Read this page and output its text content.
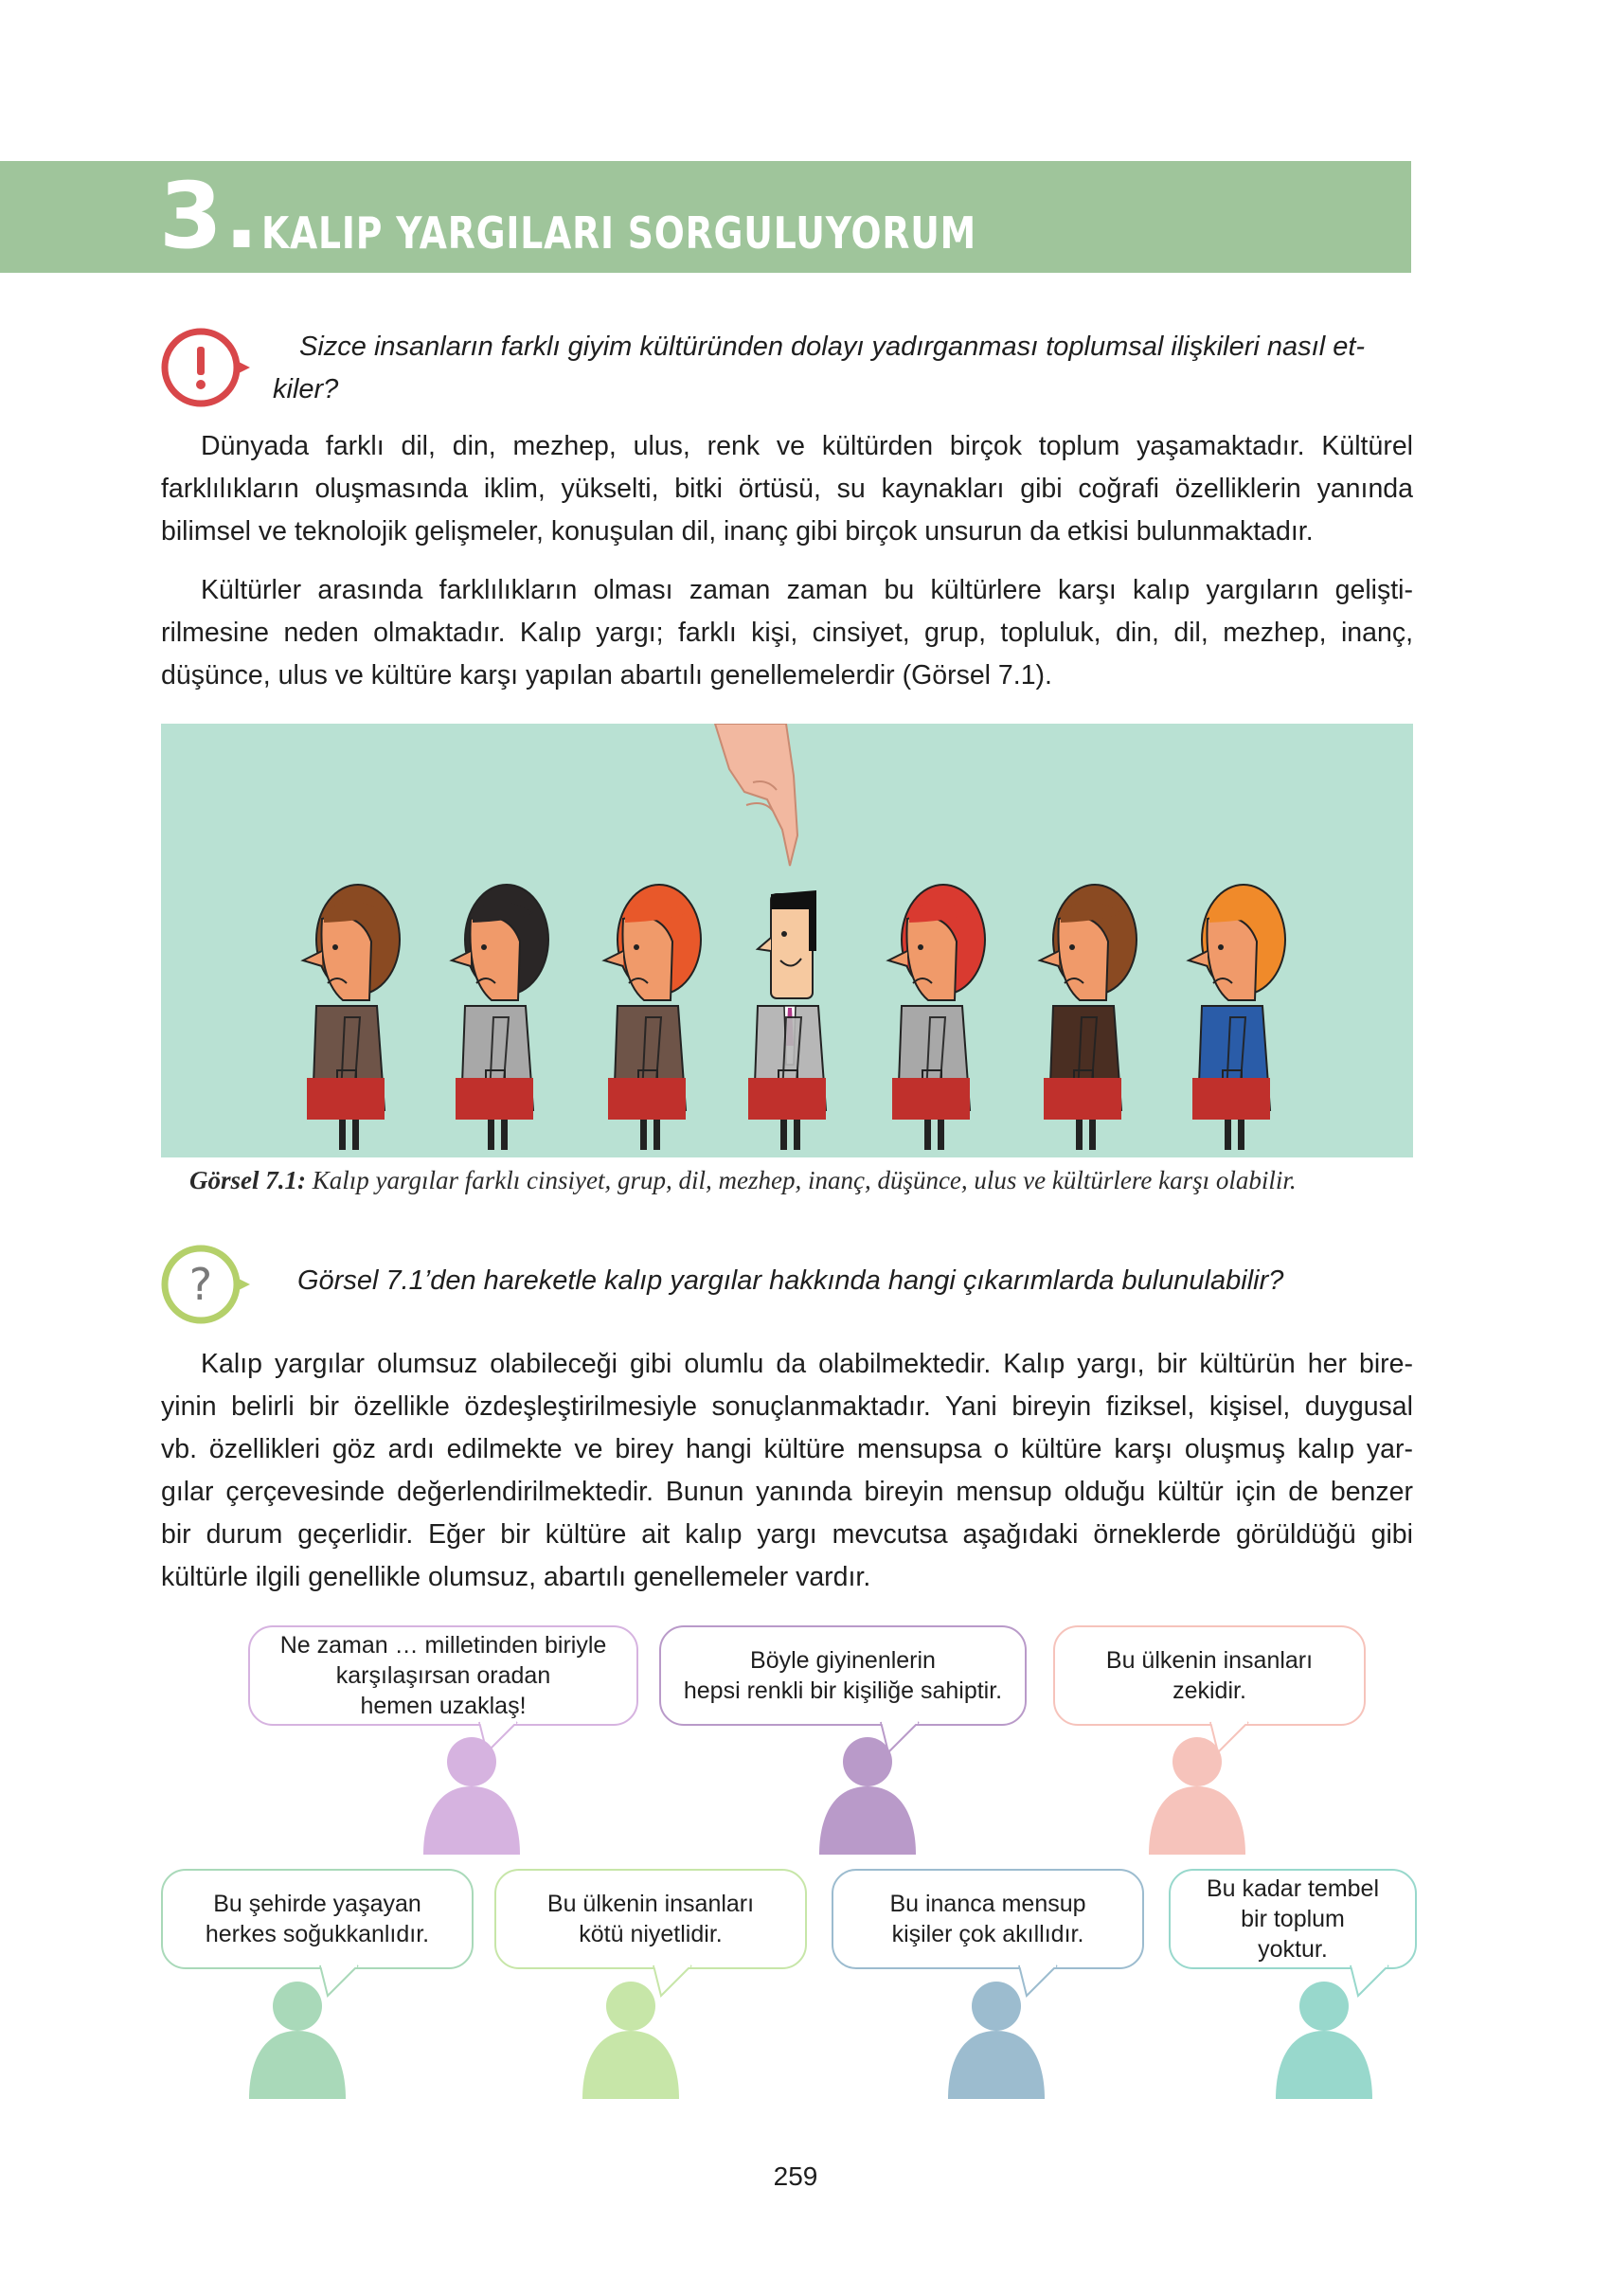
3. KALIP YARGILARI SORGULUYORUM
Sizce insanların farklı giyim kültüründen dolayı yadırganması toplumsal ilişkileri nasıl et-
kiler?
Dünyada farklı dil, din, mezhep, ulus, renk ve kültürden birçok toplum yaşamaktadır. Kültürel
farklılıkların oluşmasında iklim, yükselti, bitki örtüsü, su kaynakları gibi coğrafi özelliklerin yanında
bilimsel ve teknolojik gelişmeler, konuşulan dil, inanç gibi birçok unsurun da etkisi bulunmaktadır.
Kültürler arasında farklılıkların olması zaman zaman bu kültürlere karşı kalıp yargıların gelişti-
rilmesine neden olmaktadır. Kalıp yargı; farklı kişi, cinsiyet, grup, topluluk, din, dil, mezhep, inanç,
düşünce, ulus ve kültüre karşı yapılan abartılı genellemelerdir (Görsel 7.1).
Görsel 7.1: Kalıp yargılar farklı cinsiyet, grup, dil, mezhep, inanç, düşünce, ulus ve kültürlere karşı olabilir.
?	Görsel 7.1’den hareketle kalıp yargılar hakkında hangi çıkarımlarda bulunulabilir?
Kalıp yargılar olumsuz olabileceği gibi olumlu da olabilmektedir. Kalıp yargı, bir kültürün her bire-
yinin belirli bir özellikle özdeşleştirilmesiyle sonuçlanmaktadır. Yani bireyin fiziksel, kişisel, duygusal
vb. özellikleri göz ardı edilmekte ve birey hangi kültüre mensupsa o kültüre karşı oluşmuş kalıp yar-
gılar çerçevesinde değerlendirilmektedir. Bunun yanında bireyin mensup olduğu kültür için de benzer
bir durum geçerlidir. Eğer bir kültüre ait kalıp yargı mevcutsa aşağıdaki örneklerde görüldüğü gibi
kültürle ilgili genellikle olumsuz, abartılı genellemeler vardır.
Ne zaman … milletinden biriyle
karşılaşırsan oradan
hemen uzaklaş!
Böyle giyinenlerin
hepsi renkli bir kişiliğe sahiptir.
Bu ülkenin insanları
zekidir.
Bu şehirde yaşayan
herkes soğukkanlıdır.
Bu ülkenin insanları
kötü niyetlidir.
Bu inanca mensup
kişiler çok akıllıdır.
Bu kadar tembel
bir toplum
yoktur.
259
